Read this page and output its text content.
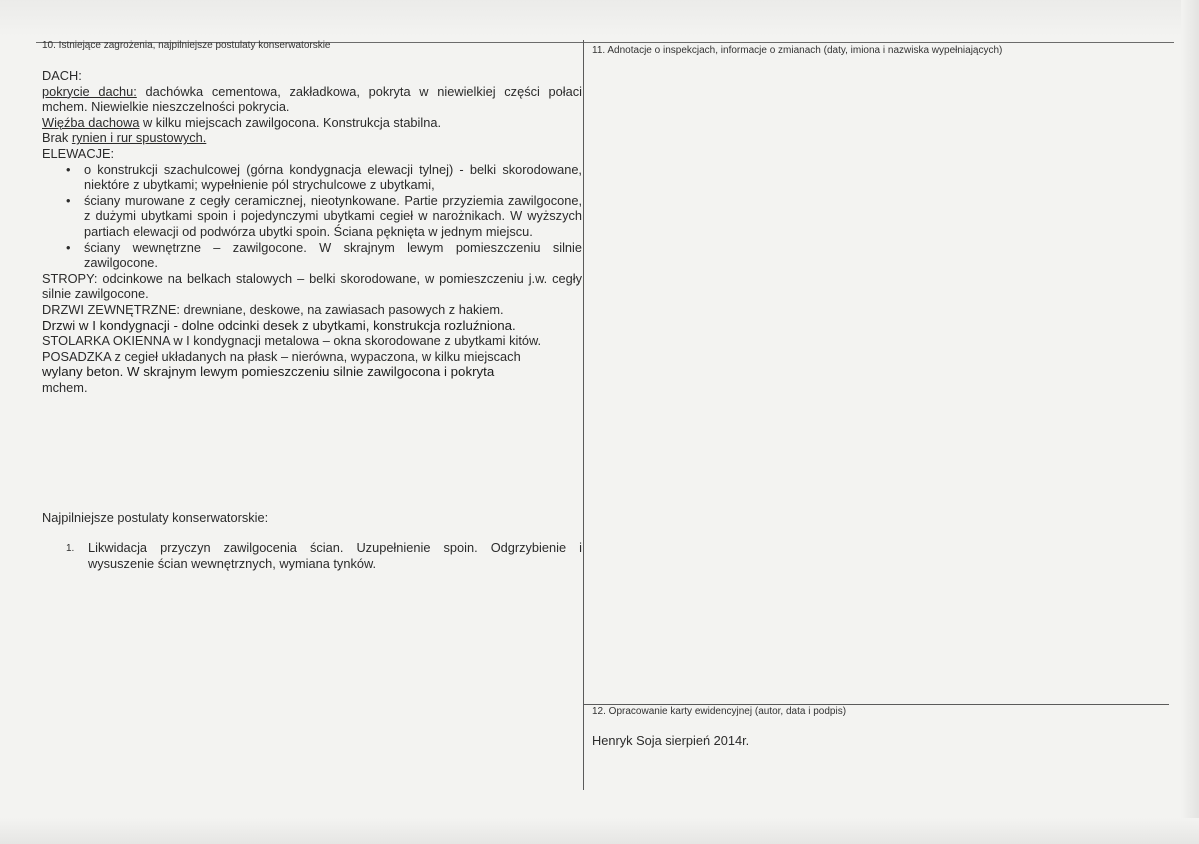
10. Istniejące zagrożenia, najpilniejsze postulaty konserwatorskie	11. Adnotacje o inspekcjach, informacje o zmianach (daty, imiona i nazwiska wypełniających)
12. Opracowanie karty ewidencyjnej (autor, data i podpis)

DACH:

pokrycie dachu: dachówka cementowa, zakładkowa, pokryta w niewielkiej części połaci mchem. Niewielkie nieszczelności pokrycia.

Więźba dachowa w kilku miejscach zawilgocona. Konstrukcja stabilna.

Brak rynien i rur spustowych.

ELEWACJE:

• o konstrukcji szachulcowej (górna kondygnacja elewacji tylnej) - belki skorodowane, niektóre z ubytkami; wypełnienie pól strychulcowe z ubytkami,
• ściany murowane z cegły ceramicznej, nieotynkowane. Partie przyziemia zawilgocone, z dużymi ubytkami spoin i pojedynczymi ubytkami cegieł w narożnikach. W wyższych partiach elewacji od podwórza ubytki spoin. Ściana pęknięta w jednym miejscu.
• ściany wewnętrzne – zawilgocone. W skrajnym lewym pomieszczeniu silnie zawilgocone.

STROPY: odcinkowe na belkach stalowych – belki skorodowane, w pomieszczeniu j.w. cegły silnie zawilgocone.

DRZWI ZEWNĘTRZNE: drewniane, deskowe, na zawiasach pasowych z hakiem.

Drzwi w I kondygnacji - dolne odcinki desek z ubytkami, konstrukcja rozluźniona.

STOLARKA OKIENNA w I kondygnacji metalowa – okna skorodowane z ubytkami kitów.

POSADZKA z cegieł układanych na płask – nierówna, wypaczona, w kilku miejscach

wylany beton. W skrajnym lewym pomieszczeniu silnie zawilgocona i pokryta

mchem.

Najpilniejsze postulaty konserwatorskie:
1. Likwidacja przyczyn zawilgocenia ścian. Uzupełnienie spoin. Odgrzybienie i wysuszenie ścian wewnętrznych, wymiana tynków.
Henryk Soja sierpień 2014r.
